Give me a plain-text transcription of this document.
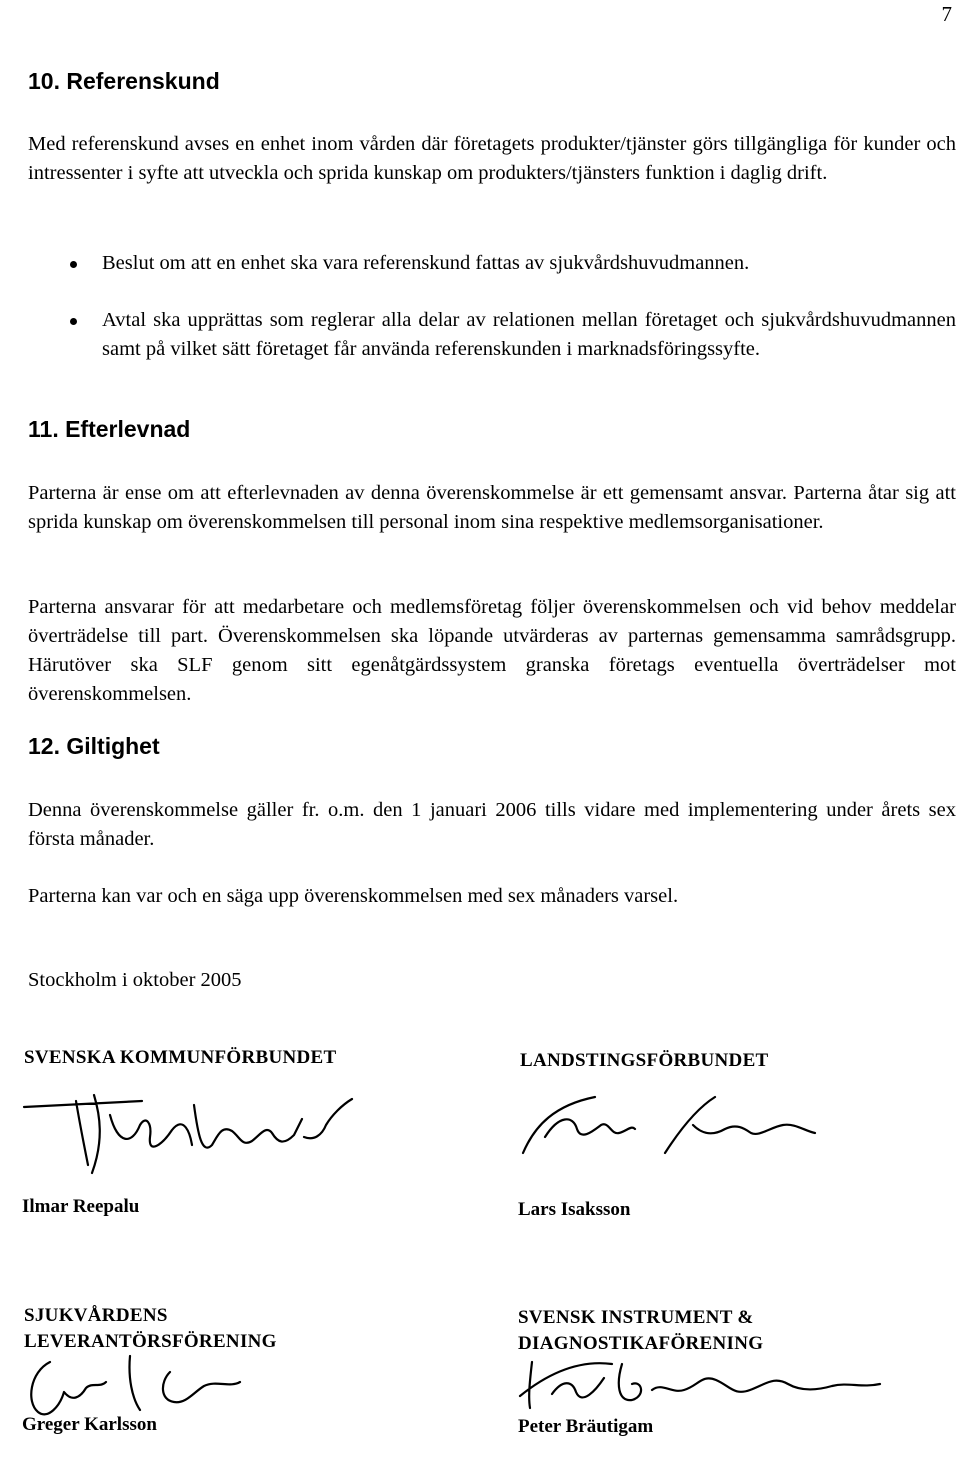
7
10. Referenskund

Med referenskund avses en enhet inom vården där företagets produkter/tjänster görs tillgängliga för kunder och intressenter i syfte att utveckla och sprida kunskap om produkters/tjänsters funktion i daglig drift.

Beslut om att en enhet ska vara referenskund fattas av sjukvårdshuvudmannen.

Avtal ska upprättas som reglerar alla delar av relationen mellan företaget och sjukvårdshuvudmannen samt på vilket sätt företaget får använda referenskunden i marknadsföringssyfte.

11. Efterlevnad

Parterna är ense om att efterlevnaden av denna överenskommelse är ett gemensamt ansvar. Parterna åtar sig att sprida kunskap om överenskommelsen till personal inom sina respektive medlemsorganisationer.

Parterna ansvarar för att medarbetare och medlemsföretag följer överenskommelsen och vid behov meddelar överträdelse till part. Överenskommelsen ska löpande utvärderas av parternas gemensamma samrådsgrupp. Härutöver ska SLF genom sitt egenåtgärdssystem granska företags eventuella överträdelser mot överenskommelsen.

12. Giltighet

Denna överenskommelse gäller fr. o.m. den 1 januari 2006 tills vidare med implementering under årets sex första månader.

Parterna kan var och en säga upp överenskommelsen med sex månaders varsel.

Stockholm i oktober 2005

SVENSKA KOMMUNFÖRBUNDET
Ilmar Reepalu
LANDSTINGSFÖRBUNDET
Lars Isaksson
SJUKVÅRDENS
LEVERANTÖRSFÖRENING
Greger Karlsson
SVENSK INSTRUMENT &
DIAGNOSTIKAFÖRENING
Peter Bräutigam
